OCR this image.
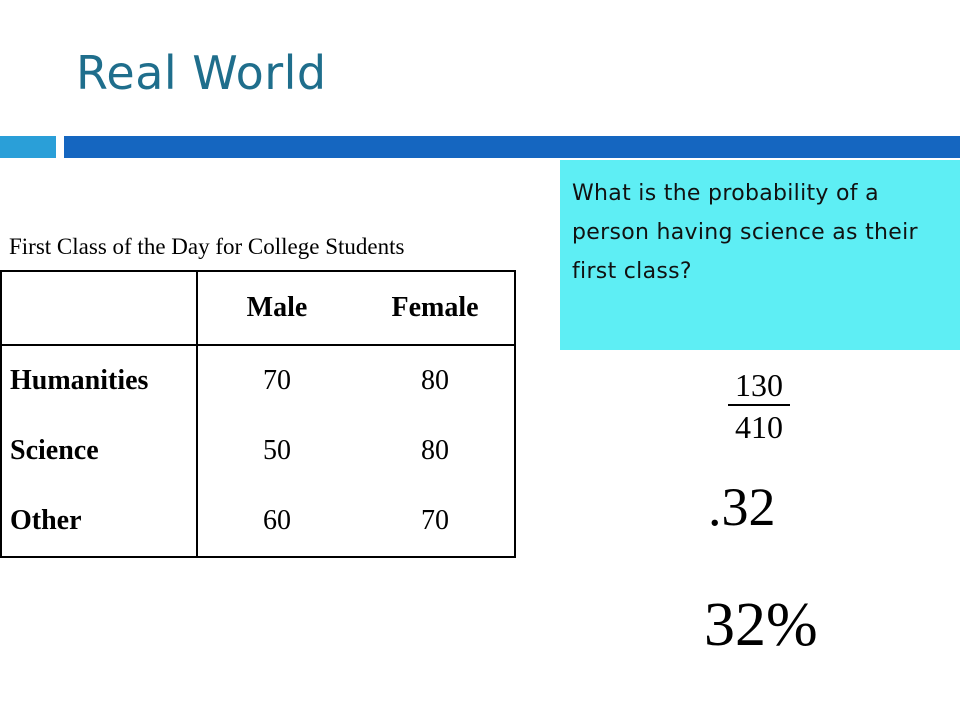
Real World
First Class of the Day for College Students
	Male	Female
Humanities	70	80
Science	50	80
Other	60	70
What is the probability of a person having science as their first class?
130
410
.32
32%
